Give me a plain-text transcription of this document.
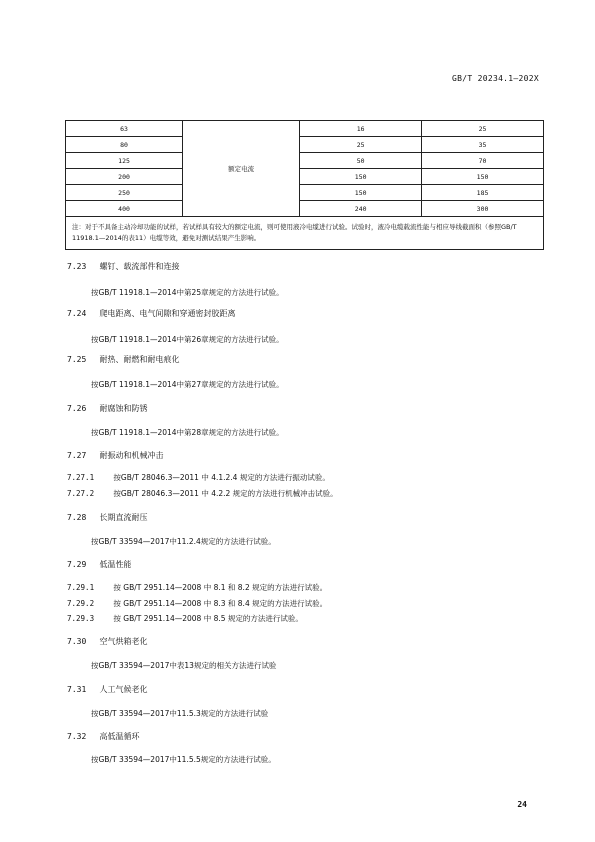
GB/T 20234.1—202X
63	额定电流	16	25
80		25	35
125		50	70
200		150	150
250		150	185
400		240	300
注：对于不具备主动冷却功能的试样，若试样具有较大的额定电流，则可使用液冷电缆进行试验。试验时，液冷电缆载流性能与相应导线截面积（参照GB/T 11918.1—2014的表11）电缆等效，避免对测试结果产生影响。			
7.23 螺钉、载流部件和连接
按GB/T 11918.1—2014中第25章规定的方法进行试验。
7.24 爬电距离、电气间隙和穿通密封胶距离
按GB/T 11918.1—2014中第26章规定的方法进行试验。
7.25 耐热、耐燃和耐电痕化
按GB/T 11918.1—2014中第27章规定的方法进行试验。
7.26 耐腐蚀和防锈
按GB/T 11918.1—2014中第28章规定的方法进行试验。
7.27 耐振动和机械冲击
7.27.1	按GB/T 28046.3—2011 中 4.1.2.4 规定的方法进行振动试验。
7.27.2	按GB/T 28046.3—2011 中 4.2.2 规定的方法进行机械冲击试验。
7.28 长期直流耐压
按GB/T 33594—2017中11.2.4规定的方法进行试验。
7.29 低温性能
7.29.1	按 GB/T 2951.14—2008 中 8.1 和 8.2 规定的方法进行试验。
7.29.2	按 GB/T 2951.14—2008 中 8.3 和 8.4 规定的方法进行试验。
7.29.3	按 GB/T 2951.14—2008 中 8.5 规定的方法进行试验。
7.30 空气烘箱老化
按GB/T 33594—2017中表13规定的相关方法进行试验
7.31 人工气候老化
按GB/T 33594—2017中11.5.3规定的方法进行试验
7.32 高低温循环
按GB/T 33594—2017中11.5.5规定的方法进行试验。
24
